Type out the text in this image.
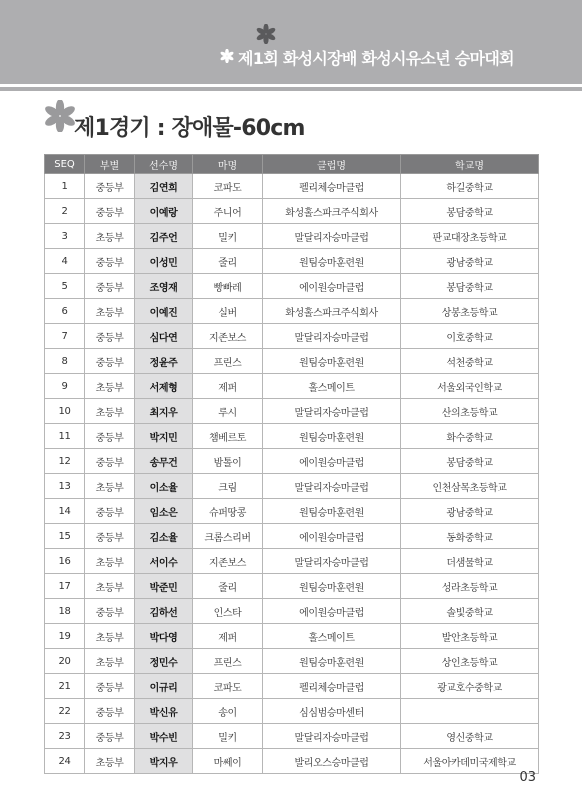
제1회 화성시장배 화성시유소년 승마대회
제1경기 : 장애물-60cm
SEQ	부별	선수명	마명	클럽명	학교명
1	중등부	김연희	코파도	펠리체승마클럽	하길중학교
2	중등부	이예랑	주니어	화성홀스파크주식회사	봉담중학교
3	초등부	김주언	밀키	말달리자승마클럽	판교대장초등학교
4	중등부	이성민	줄리	원팀승마훈련원	광남중학교
5	중등부	조영재	빵빠레	에이원승마클럽	봉담중학교
6	초등부	이예진	실버	화성홀스파크주식회사	상봉초등학교
7	중등부	심다연	지존보스	말달리자승마클럽	이호중학교
8	중등부	정윤주	프린스	원팀승마훈련원	석천중학교
9	초등부	서제형	제퍼	홀스메이트	서울외국인학교
10	초등부	최지우	루시	말달리자승마클럽	산의초등학교
11	중등부	박지민	챔베르토	원팀승마훈련원	화수중학교
12	중등부	송무건	밤톨이	에이원승마클럽	봉담중학교
13	초등부	이소율	크림	말달리자승마클럽	인천삼목초등학교
14	중등부	임소은	슈퍼땅콩	원팀승마훈련원	광남중학교
15	중등부	김소율	크롬스리버	에이원승마클럽	동화중학교
16	초등부	서이수	지존보스	말달리자승마클럽	더샘물학교
17	초등부	박준민	줄리	원팀승마훈련원	성라초등학교
18	중등부	김하선	인스타	에이원승마클럽	솔빛중학교
19	초등부	박다영	제퍼	홀스메이트	발안초등학교
20	초등부	정민수	프린스	원팀승마훈련원	상인초등학교
21	중등부	이규리	코파도	펠리체승마클럽	광교호수중학교
22	중등부	박신유	송이	심심범승마센터	
23	중등부	박수빈	밀키	말달리자승마클럽	영신중학교
24	초등부	박지우	마쎄이	발리오스승마클럽	서울아카데미국제학교
03
